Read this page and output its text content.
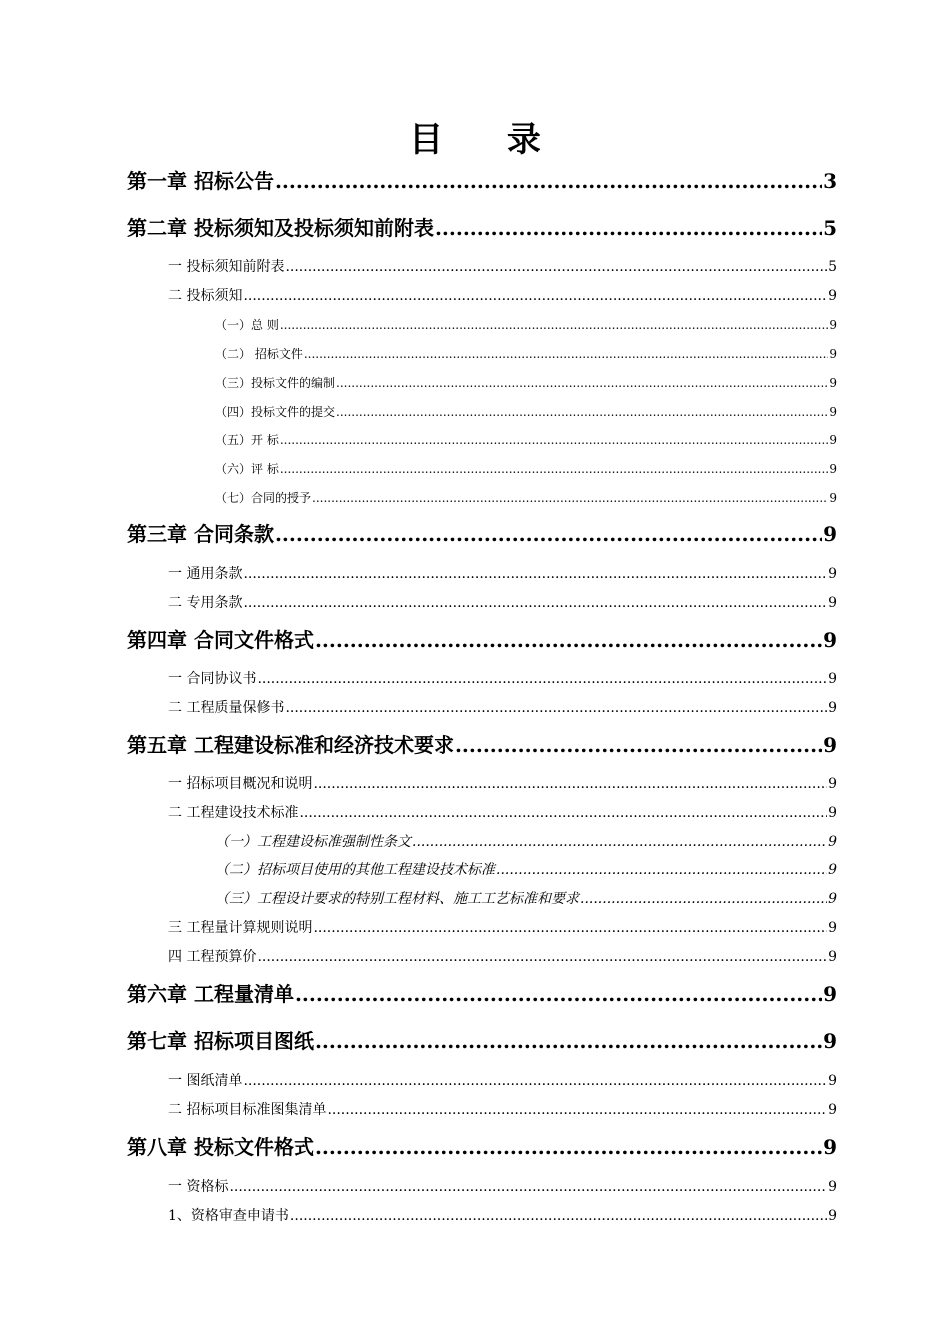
目 录
第一章 招标公告 .....	3
第二章 投标须知及投标须知前附表 .....	5
一 投标须知前附表 .....	5
二 投标须知 .....	9
（一）总 则 .....	9
（二） 招标文件 .....	9
（三）投标文件的编制 .....	9
（四）投标文件的提交 .....	9
（五）开 标 .....	9
（六）评 标 .....	9
（七）合同的授予 .....	9
第三章 合同条款 .....	9
一 通用条款 .....	9
二 专用条款 .....	9
第四章 合同文件格式 .....	9
一 合同协议书 .....	9
二 工程质量保修书 .....	9
第五章 工程建设标准和经济技术要求 .....	9
一 招标项目概况和说明 .....	9
二 工程建设技术标准 .....	9
（一）工程建设标准强制性条文 .....	9
（二）招标项目使用的其他工程建设技术标准 .....	9
（三）工程设计要求的特别工程材料、施工工艺标准和要求 .....	9
三 工程量计算规则说明 .....	9
四 工程预算价 .....	9
第六章 工程量清单 .....	9
第七章 招标项目图纸 .....	9
一 图纸清单 .....	9
二 招标项目标准图集清单 .....	9
第八章 投标文件格式 .....	9
一 资格标 .....	9
1、资格审查申请书 .....	9
